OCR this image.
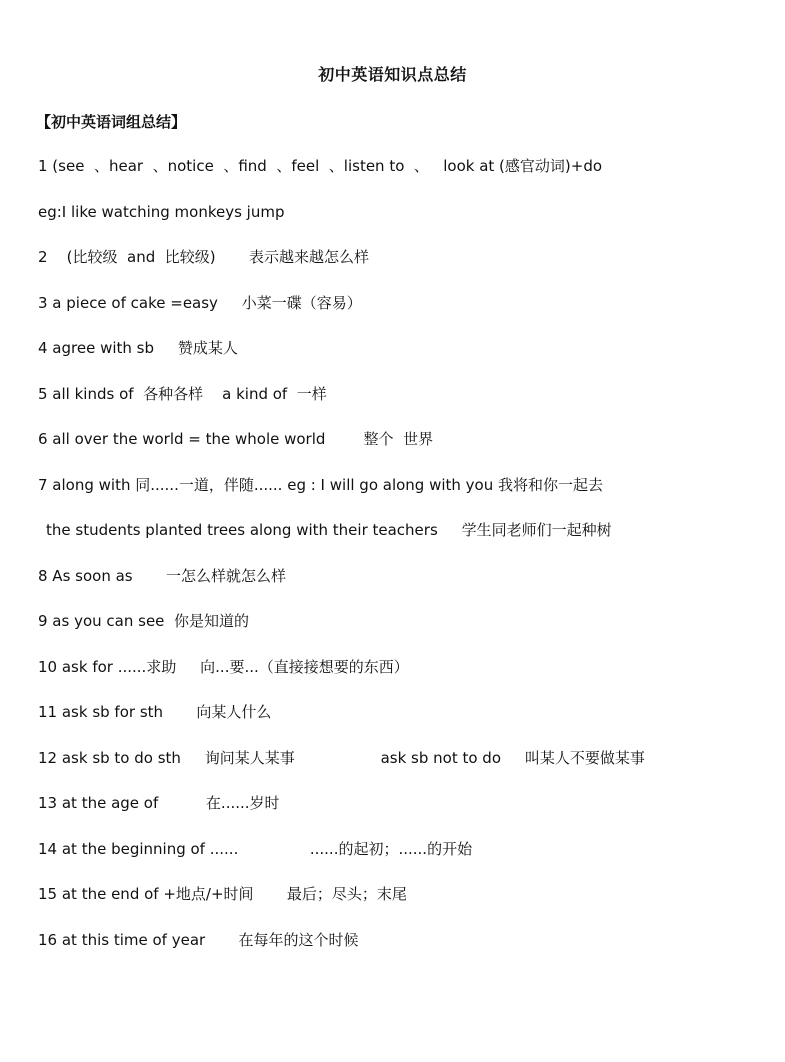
初中英语知识点总结
【初中英语词组总结】
1 (see  、hear  、notice  、find  、feel  、listen to  、   look at (感官动词)+do
eg:I like watching monkeys jump
2    (比较级  and  比较级)       表示越来越怎么样
3 a piece of cake =easy     小菜一碟（容易）
4 agree with sb     赞成某人
5 all kinds of  各种各样    a kind of  一样
6 all over the world = the whole world        整个  世界
7 along with 同......一道，伴随...... eg : I will go along with you 我将和你一起去
the students planted trees along with their teachers     学生同老师们一起种树
8 As soon as       一怎么样就怎么样
9 as you can see  你是知道的
10 ask for ......求助     向...要...（直接接想要的东西）
11 ask sb for sth       向某人什么
12 ask sb to do sth     询问某人某事                  ask sb not to do     叫某人不要做某事
13 at the age of          在......岁时
14 at the beginning of ......               ......的起初；......的开始
15 at the end of +地点/+时间       最后；尽头；末尾
16 at this time of year       在每年的这个时候
